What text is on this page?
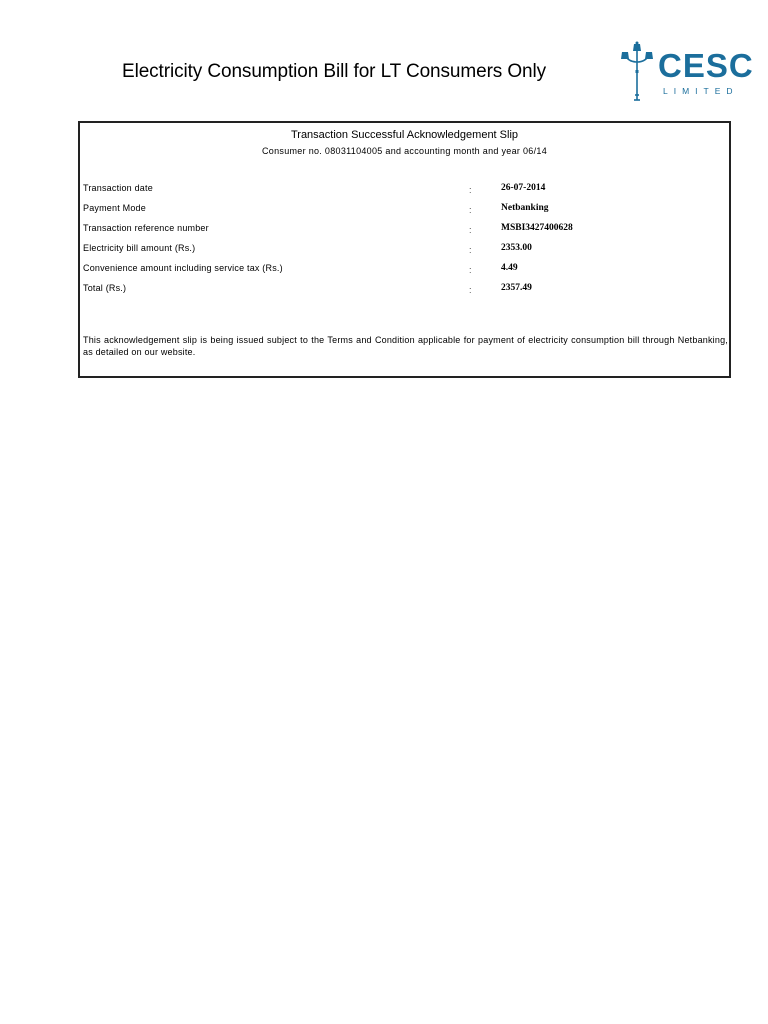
Electricity Consumption Bill for LT Consumers Only	CESC
LIMITED
Transaction Successful Acknowledgement Slip
Consumer no. 08031104005 and accounting month and year 06/14
Transaction date	:	26-07-2014
Payment Mode	:	Netbanking
Transaction reference number	:	MSBI3427400628
Electricity bill amount (Rs.)	:	2353.00
Convenience amount including service tax (Rs.)	:	4.49
Total (Rs.)	:	2357.49
This acknowledgement slip is being issued subject to the Terms and Condition applicable for payment of electricity consumption bill through Netbanking, as detailed on our website.
